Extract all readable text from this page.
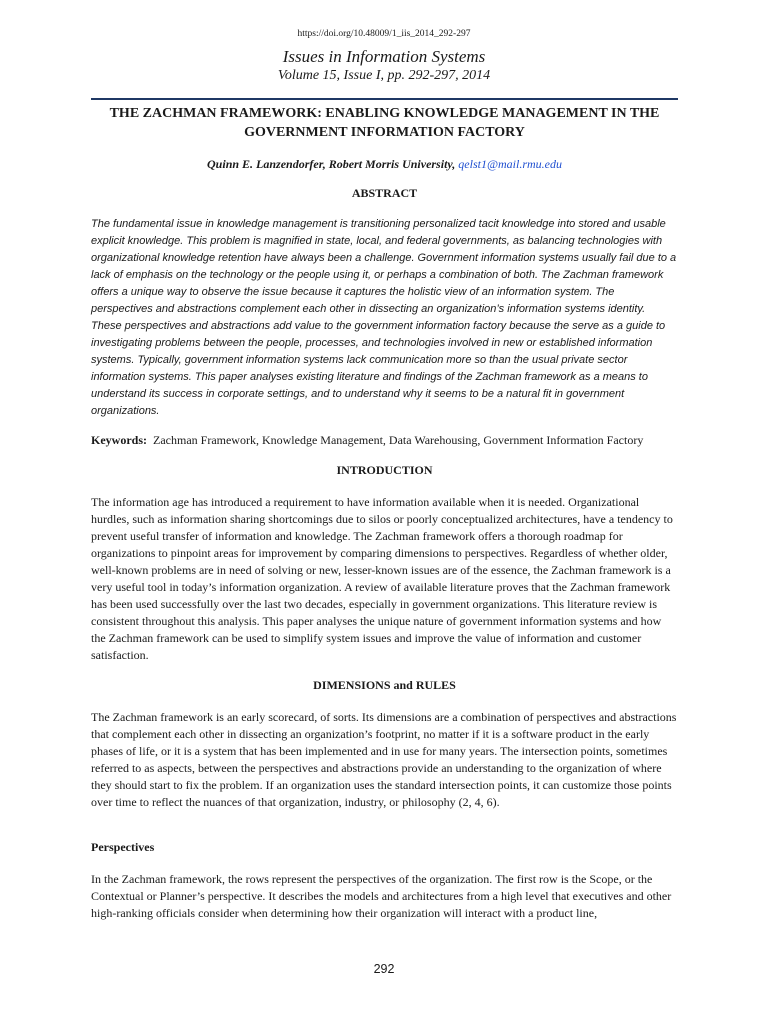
https://doi.org/10.48009/1_iis_2014_292-297
Issues in Information Systems
Volume 15, Issue I, pp. 292-297, 2014
THE ZACHMAN FRAMEWORK: ENABLING KNOWLEDGE MANAGEMENT IN THE GOVERNMENT INFORMATION FACTORY
Quinn E. Lanzendorfer, Robert Morris University, qelst1@mail.rmu.edu
ABSTRACT
The fundamental issue in knowledge management is transitioning personalized tacit knowledge into stored and usable explicit knowledge. This problem is magnified in state, local, and federal governments, as balancing technologies with organizational knowledge retention have always been a challenge. Government information systems usually fail due to a lack of emphasis on the technology or the people using it, or perhaps a combination of both. The Zachman framework offers a unique way to observe the issue because it captures the holistic view of an information system. The perspectives and abstractions complement each other in dissecting an organization’s information systems identity. These perspectives and abstractions add value to the government information factory because the serve as a guide to investigating problems between the people, processes, and technologies involved in new or established information systems. Typically, government information systems lack communication more so than the usual private sector information systems. This paper analyses existing literature and findings of the Zachman framework as a means to understand its success in corporate settings, and to understand why it seems to be a natural fit in government organizations.
Keywords: Zachman Framework, Knowledge Management, Data Warehousing, Government Information Factory
INTRODUCTION
The information age has introduced a requirement to have information available when it is needed. Organizational hurdles, such as information sharing shortcomings due to silos or poorly conceptualized architectures, have a tendency to prevent useful transfer of information and knowledge. The Zachman framework offers a thorough roadmap for organizations to pinpoint areas for improvement by comparing dimensions to perspectives. Regardless of whether older, well-known problems are in need of solving or new, lesser-known issues are of the essence, the Zachman framework is a very useful tool in today’s information organization. A review of available literature proves that the Zachman framework has been used successfully over the last two decades, especially in government organizations. This literature review is consistent throughout this analysis. This paper analyses the unique nature of government information systems and how the Zachman framework can be used to simplify system issues and improve the value of information and customer satisfaction.
DIMENSIONS and RULES
The Zachman framework is an early scorecard, of sorts. Its dimensions are a combination of perspectives and abstractions that complement each other in dissecting an organization’s footprint, no matter if it is a software product in the early phases of life, or it is a system that has been implemented and in use for many years. The intersection points, sometimes referred to as aspects, between the perspectives and abstractions provide an understanding to the organization of where they should start to fix the problem. If an organization uses the standard intersection points, it can customize those points over time to reflect the nuances of that organization, industry, or philosophy (2, 4, 6).
Perspectives
In the Zachman framework, the rows represent the perspectives of the organization. The first row is the Scope, or the Contextual or Planner’s perspective. It describes the models and architectures from a high level that executives and other high-ranking officials consider when determining how their organization will interact with a product line,
292
